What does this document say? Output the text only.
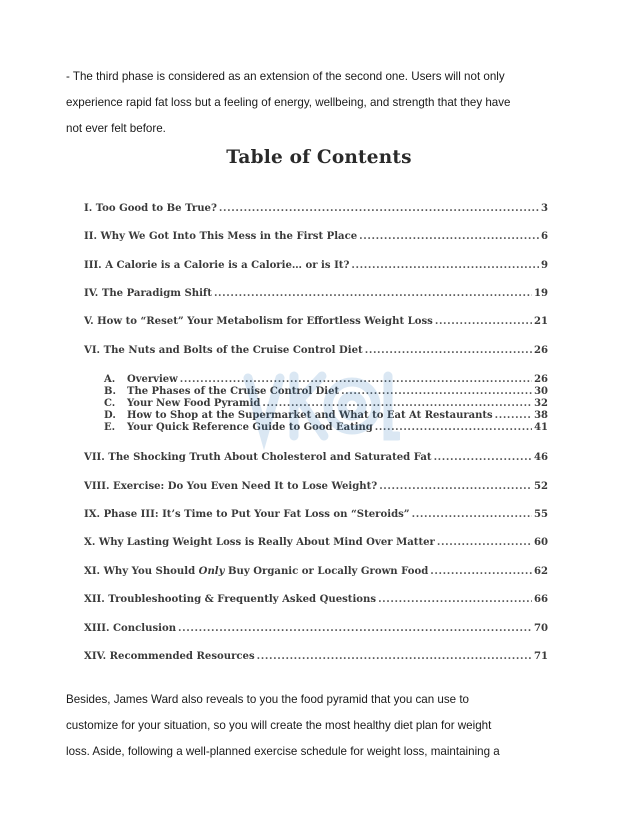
- The third phase is considered as an extension of the second one. Users will not only
experience rapid fat loss but a feeling of energy, wellbeing, and strength that they have
not ever felt before.
Table of Contents
I. Too Good to Be True? .....	3
II. Why We Got Into This Mess in the First Place .....	6
III. A Calorie is a Calorie is a Calorie… or is It? .....	9
IV. The Paradigm Shift .....	19
V. How to “Reset” Your Metabolism for Effortless Weight Loss .....	21
VI. The Nuts and Bolts of the Cruise Control Diet .....	26
A. Overview .....	26
B. The Phases of the Cruise Control Diet .....	30
C. Your New Food Pyramid .....	32
D. How to Shop at the Supermarket and What to Eat At Restaurants .....	38
E. Your Quick Reference Guide to Good Eating .....	41
VII. The Shocking Truth About Cholesterol and Saturated Fat .....	46
VIII. Exercise: Do You Even Need It to Lose Weight? .....	52
IX. Phase III: It’s Time to Put Your Fat Loss on “Steroids” .....	55
X. Why Lasting Weight Loss is Really About Mind Over Matter .....	60
XI. Why You Should Only Buy Organic or Locally Grown Food .....	62
XII. Troubleshooting & Frequently Asked Questions .....	66
XIII. Conclusion .....	70
XIV. Recommended Resources .....	71
Besides, James Ward also reveals to you the food pyramid that you can use to
customize for your situation, so you will create the most healthy diet plan for weight
loss. Aside, following a well-planned exercise schedule for weight loss, maintaining a
